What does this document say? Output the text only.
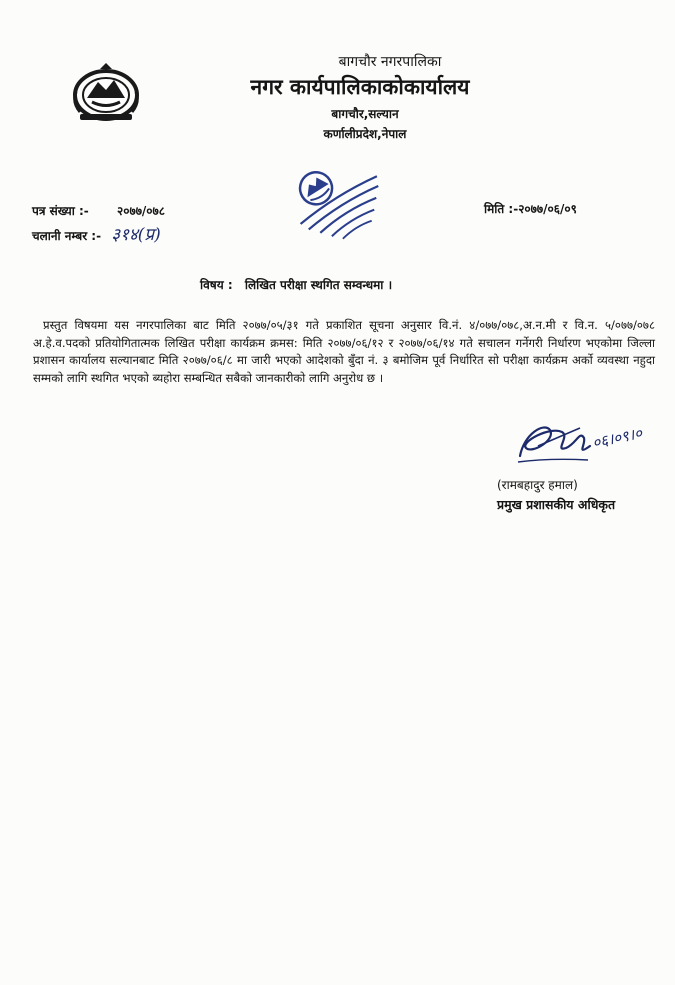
बागचौर नगरपालिका
नगर कार्यपालिकाकोकार्यालय
बागचौर,सल्यान
कर्णालीप्रदेश,नेपाल
पत्र संख्या :- २०७७/०७८
चलानी नम्बर :- ३१४(प्र)
मिति :-२०७७/०६/०९
विषय : लिखित परीक्षा स्थगित सम्वन्धमा ।
प्रस्तुत विषयमा यस नगरपालिका बाट मिति २०७७/०५/३१ गते प्रकाशित सूचना अनुसार वि.नं. ४/०७७/०७८,अ.न.मी र वि.न. ५/०७७/०७८ अ.हे.व.पदको प्रतियोगितात्मक लिखित परीक्षा कार्यक्रम क्रमस: मिति २०७७/०६/१२ र २०७७/०६/१४ गते सचालन गर्नेगरी निर्धारण भएकोमा जिल्ला प्रशासन कार्यालय सल्यानबाट मिति २०७७/०६/८ मा जारी भएको आदेशको बुँदा नं. ३ बमोजिम पूर्व निर्धारित सो परीक्षा कार्यक्रम अर्को व्यवस्था नहुदा सम्मको लागि स्थगित भएको ब्यहोरा सम्बन्धित सबैको जानकारीको लागि अनुरोध छ ।
०६।०९।०
(रामबहादुर हमाल)
प्रमुख प्रशासकीय अधिकृत
